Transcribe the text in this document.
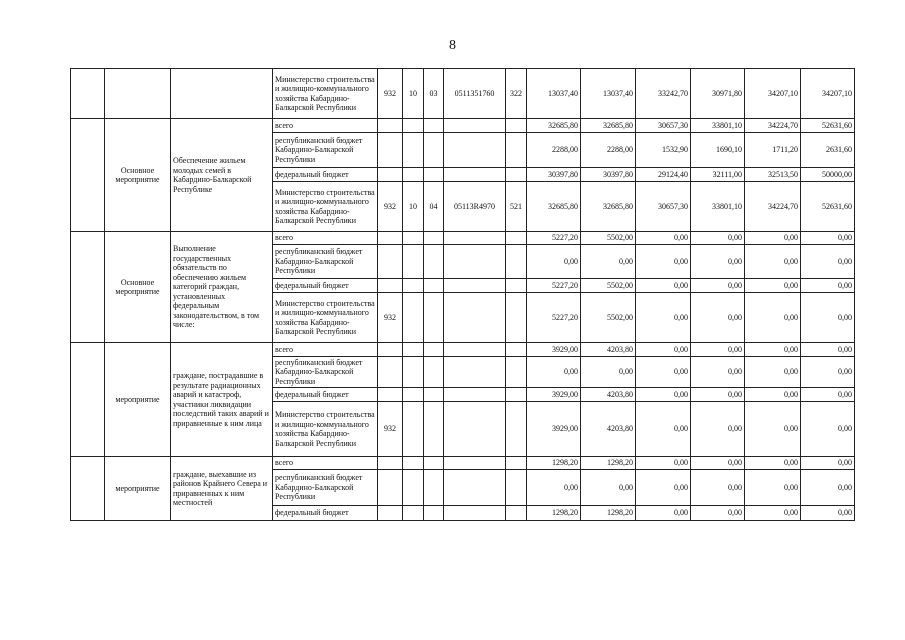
8
			Министерство строительства и жилищно-коммунального хозяйства Кабардино-Балкарской Республики	932	10	03	0511351760	322	13037,40	13037,40	33242,70	30971,80	34207,10	34207,10
	Основное мероприятие	Обеспечение жильем молодых семей в Кабардино-Балкарской Республике	всего						32685,80	32685,80	30657,30	33801,10	34224,70	52631,60
			республиканский бюджет Кабардино-Балкарской Республики						2288,00	2288,00	1532,90	1690,10	1711,20	2631,60
			федеральный бюджет						30397,80	30397,80	29124,40	32111,00	32513,50	50000,00
			Министерство строительства и жилищно-коммунального хозяйства Кабардино-Балкарской Республики	932	10	04	05113R4970	521	32685,80	32685,80	30657,30	33801,10	34224,70	52631,60
	Основное мероприятие	Выполнение государственных обязательств по обеспечению жильем категорий граждан, установленных федеральным законодательством, в том числе:	всего						5227,20	5502,00	0,00	0,00	0,00	0,00
			республиканский бюджет Кабардино-Балкарской Республики						0,00	0,00	0,00	0,00	0,00	0,00
			федеральный бюджет						5227,20	5502,00	0,00	0,00	0,00	0,00
			Министерство строительства и жилищно-коммунального хозяйства Кабардино-Балкарской Республики	932					5227,20	5502,00	0,00	0,00	0,00	0,00
	мероприятие	граждане, пострадавшие в результате радиационных аварий и катастроф, участники ликвидации последствий таких аварий и приравненные к ним лица	всего						3929,00	4203,80	0,00	0,00	0,00	0,00
			республиканский бюджет Кабардино-Балкарской Республики						0,00	0,00	0,00	0,00	0,00	0,00
			федеральный бюджет						3929,00	4203,80	0,00	0,00	0,00	0,00
			Министерство строительства и жилищно-коммунального хозяйства Кабардино-Балкарской Республики	932					3929,00	4203,80	0,00	0,00	0,00	0,00
	мероприятие	граждане, выехавшие из районов Крайнего Севера и приравненных к ним местностей	всего						1298,20	1298,20	0,00	0,00	0,00	0,00
			республиканский бюджет Кабардино-Балкарской Республики						0,00	0,00	0,00	0,00	0,00	0,00
			федеральный бюджет						1298,20	1298,20	0,00	0,00	0,00	0,00
